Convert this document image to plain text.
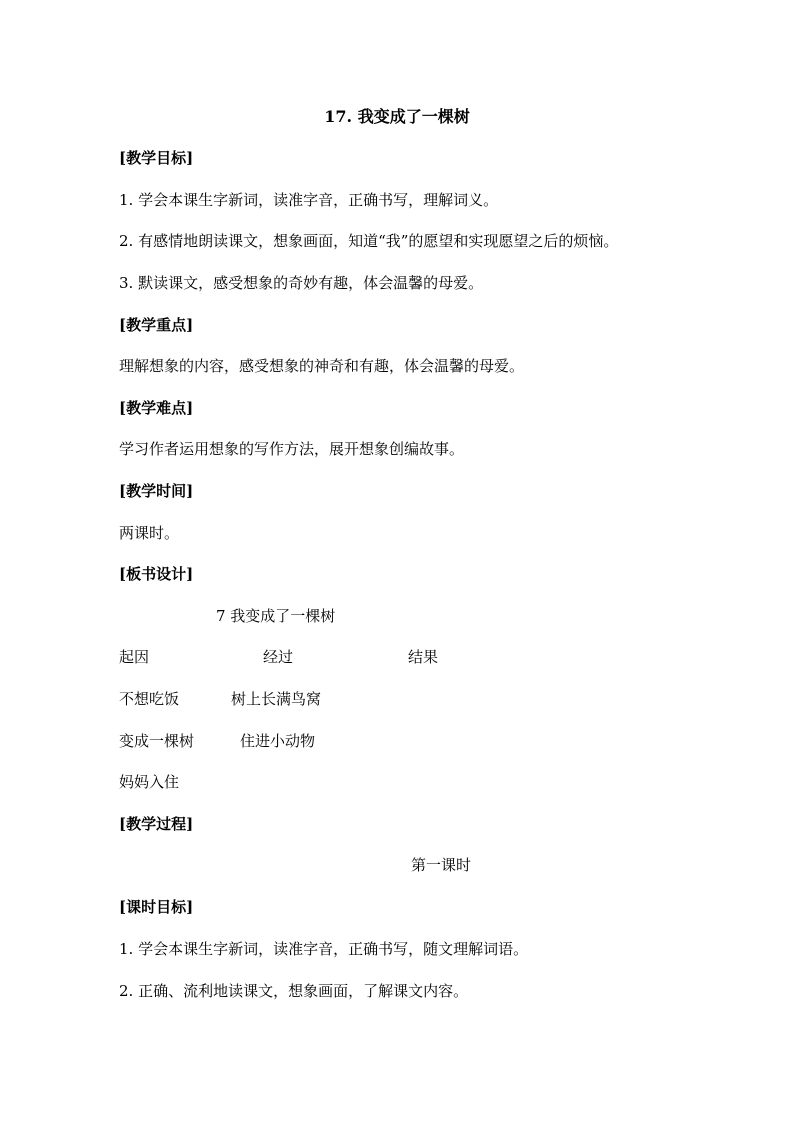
17. 我变成了一棵树
[教学目标]
1. 学会本课生字新词，读准字音，正确书写，理解词义。
2. 有感情地朗读课文，想象画面，知道“我”的愿望和实现愿望之后的烦恼。
3. 默读课文，感受想象的奇妙有趣，体会温馨的母爱。
[教学重点]
理解想象的内容，感受想象的神奇和有趣，体会温馨的母爱。
[教学难点]
学习作者运用想象的写作方法，展开想象创编故事。
[教学时间]
两课时。
[板书设计]
7 我变成了一棵树
起因	经过	结果
不想吃饭	树上长满鸟窝
变成一棵树	住进小动物
妈妈入住
[教学过程]
第一课时
[课时目标]
1. 学会本课生字新词，读准字音，正确书写，随文理解词语。
2. 正确、流利地读课文，想象画面，了解课文内容。
